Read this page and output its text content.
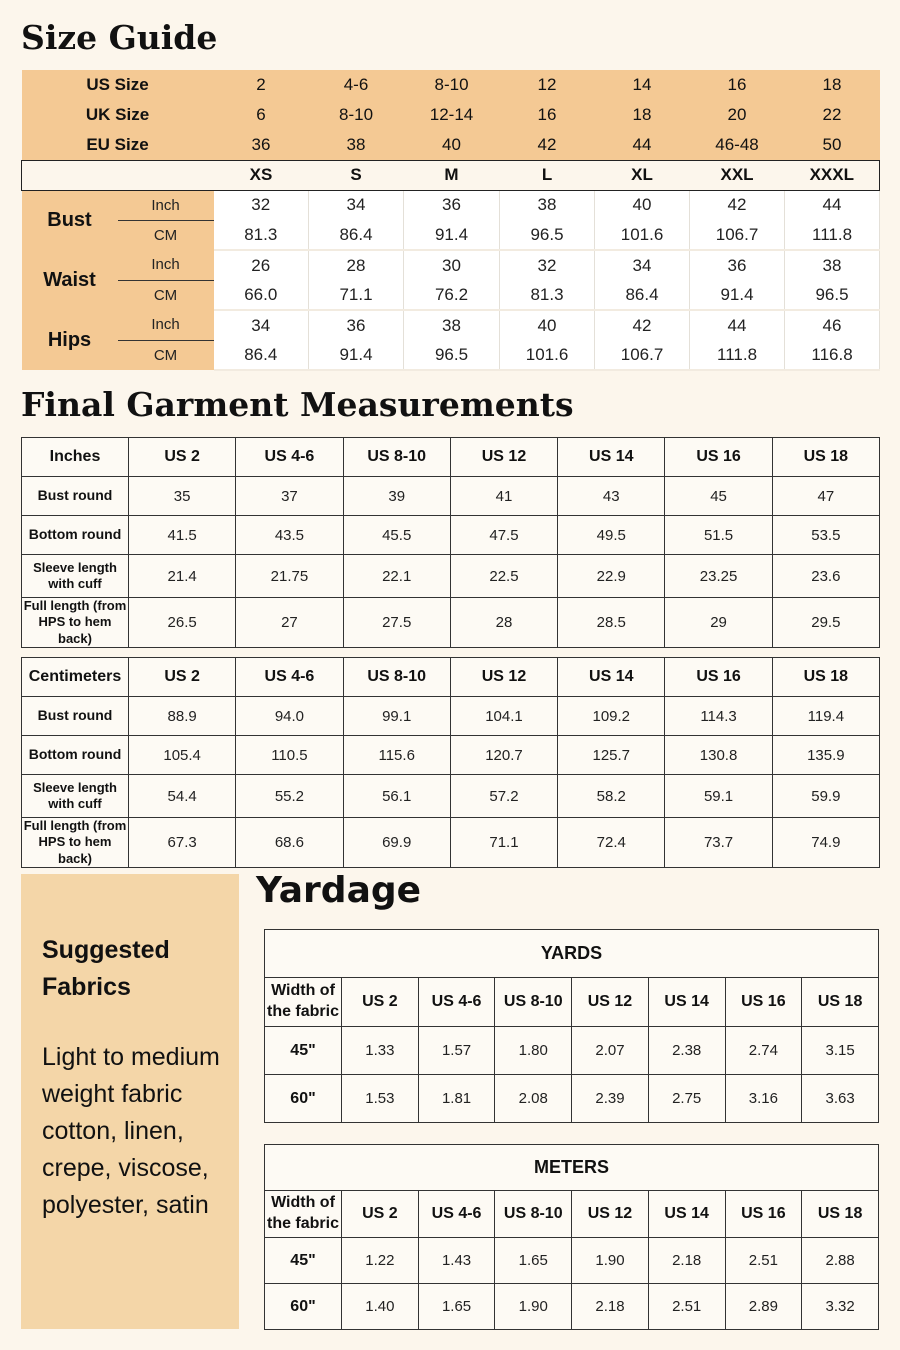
Size Guide
US Size		2	4-6	8-10	12	14	16	18
UK Size		6	8-10	12-14	16	18	20	22
EU Size		36	38	40	42	44	46-48	50
		XS	S	M	L	XL	XXL	XXXL
Bust	Inch	32	34	36	38	40	42	44
	CM	81.3	86.4	91.4	96.5	101.6	106.7	111.8
Waist	Inch	26	28	30	32	34	36	38
	CM	66.0	71.1	76.2	81.3	86.4	91.4	96.5
Hips	Inch	34	36	38	40	42	44	46
	CM	86.4	91.4	96.5	101.6	106.7	111.8	116.8
Final Garment Measurements
Inches	US 2	US 4-6	US 8-10	US 12	US 14	US 16	US 18
Bust round	35	37	39	41	43	45	47
Bottom round	41.5	43.5	45.5	47.5	49.5	51.5	53.5
Sleeve length with cuff	21.4	21.75	22.1	22.5	22.9	23.25	23.6
Full length (from HPS to hem back)	26.5	27	27.5	28	28.5	29	29.5
Centimeters	US 2	US 4-6	US 8-10	US 12	US 14	US 16	US 18
Bust round	88.9	94.0	99.1	104.1	109.2	114.3	119.4
Bottom round	105.4	110.5	115.6	120.7	125.7	130.8	135.9
Sleeve length with cuff	54.4	55.2	56.1	57.2	58.2	59.1	59.9
Full length (from HPS to hem back)	67.3	68.6	69.9	71.1	72.4	73.7	74.9
Suggested Fabrics
Light to medium weight fabric cotton, linen, crepe, viscose, polyester, satin
Yardage
YARDS							
Width of the fabric	US 2	US 4-6	US 8-10	US 12	US 14	US 16	US 18
45"	1.33	1.57	1.80	2.07	2.38	2.74	3.15
60"	1.53	1.81	2.08	2.39	2.75	3.16	3.63
METERS							
Width of the fabric	US 2	US 4-6	US 8-10	US 12	US 14	US 16	US 18
45"	1.22	1.43	1.65	1.90	2.18	2.51	2.88
60"	1.40	1.65	1.90	2.18	2.51	2.89	3.32
